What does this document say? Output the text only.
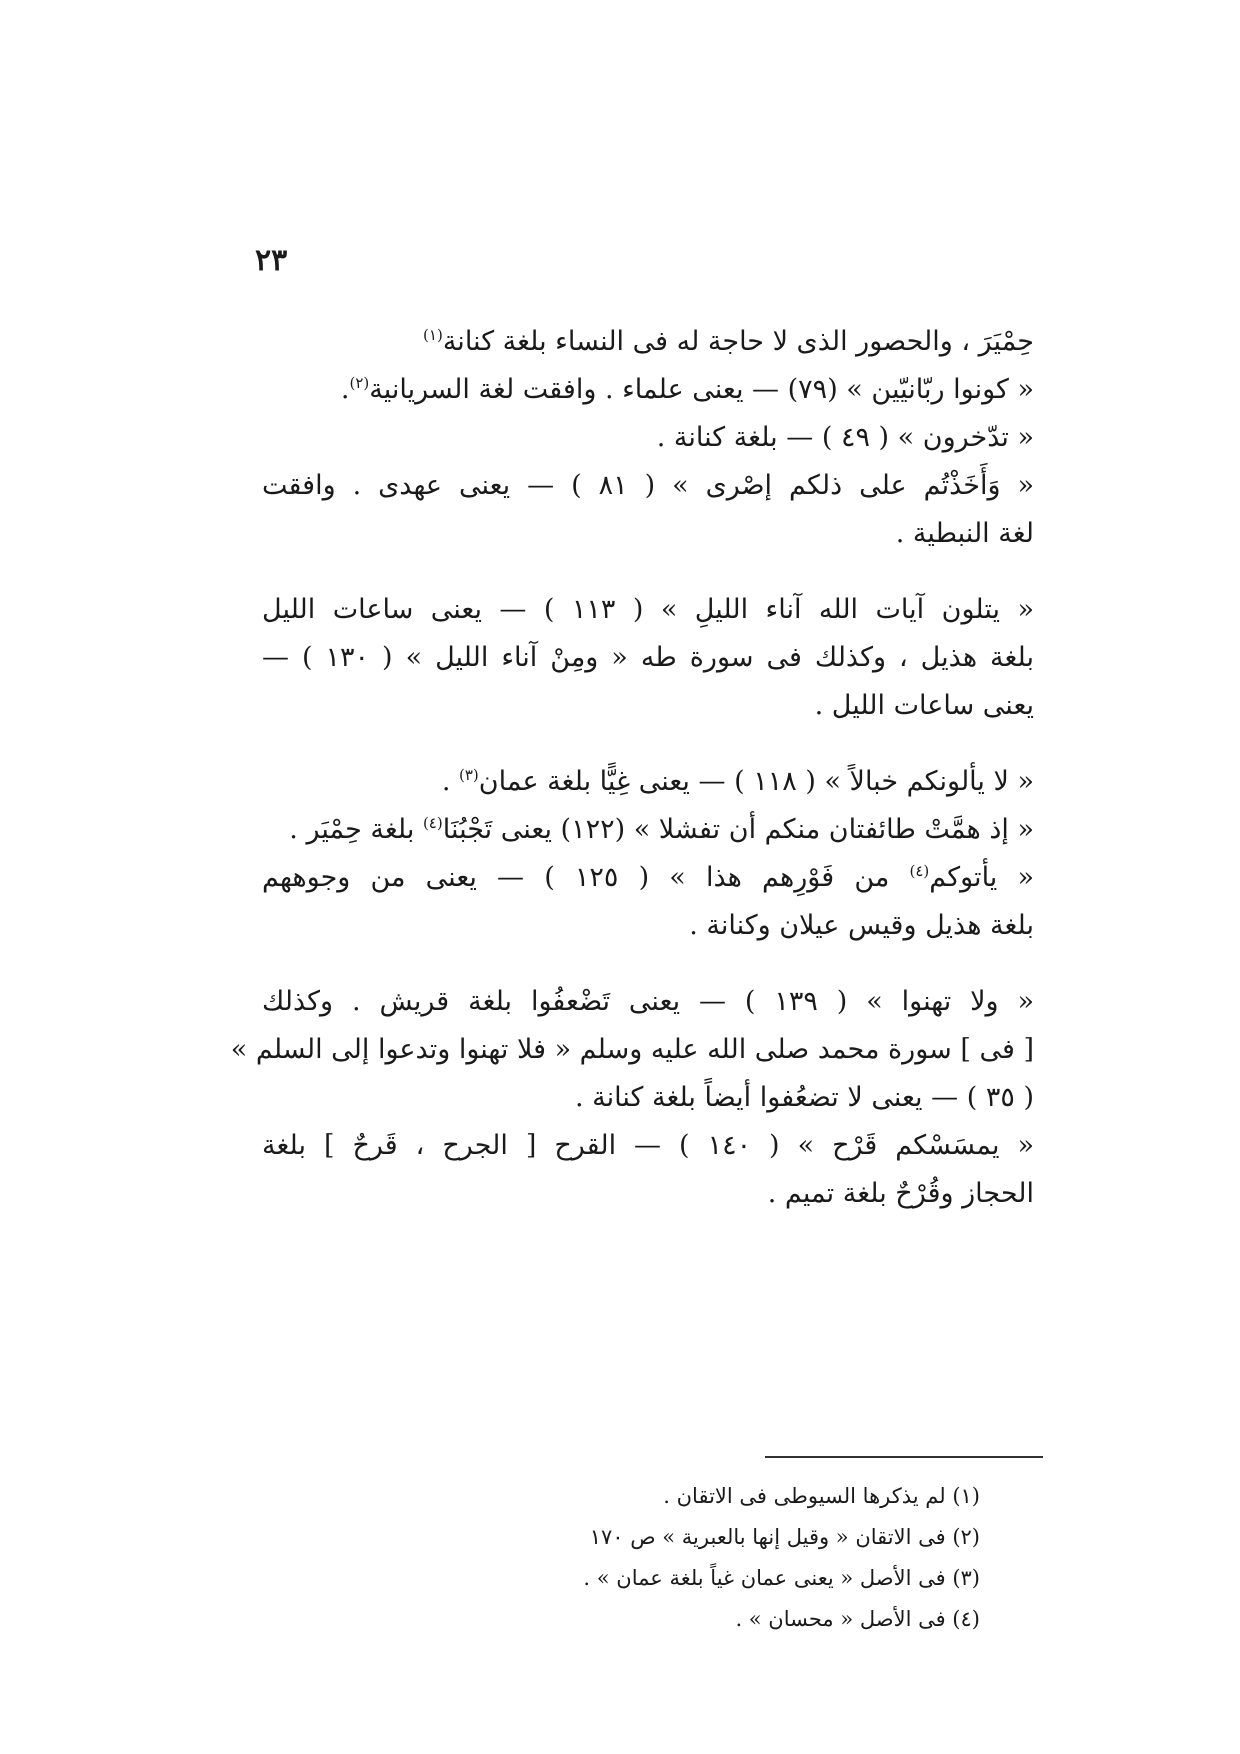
٢٣
حِمْيَرَ ، والحصور الذى لا حاجة له فى النساء بلغة كنانة$^{(١)}$
« كونوا ربّانيّين » (٧٩) — يعنى علماء . وافقت لغة السريانية$^{(٢)}$.
« تدّخرون » ( ٤٩ ) — بلغة كنانة .
« وَأَخَذْتُم على ذلكم إصْرى » ( ٨١ ) — يعنى عهدى . وافقت
لغة النبطية .
« يتلون آيات الله آناء الليلِ » ( ١١٣ ) — يعنى ساعات الليل
بلغة هذيل ، وكذلك فى سورة طه « ومِنْ آناء الليل » ( ١٣٠ ) —
يعنى ساعات الليل .
« لا يألونكم خبالاً » ( ١١٨ ) — يعنى غِيًّا بلغة عمان$^{(٣)}$ .
« إذ همَّتْ طائفتان منكم أن تفشلا » (١٢٢) يعنى تَجْبُنَا$^{(٤)}$ بلغة حِمْيَر .
« يأتوكم$^{(٤)}$ من فَوْرِهم هذا » ( ١٢٥ ) — يعنى من وجوههم
بلغة هذيل وقيس عيلان وكنانة .
« ولا تهنوا » ( ١٣٩ ) — يعنى تَضْعفُوا بلغة قريش . وكذلك
[ فى ] سورة محمد صلى الله عليه وسلم « فلا تهنوا وتدعوا إلى السلم »
( ٣٥ ) — يعنى لا تضعُفوا أيضاً بلغة كنانة .
« يمسَسْكم قَرْح » ( ١٤٠ ) — القرح [ الجرح ، قَرحٌ ] بلغة
الحجاز وقُرْحٌ بلغة تميم .
(١) لم يذكرها السيوطى فى الاتقان .
(٢) فى الاتقان « وقيل إنها بالعبرية » ص ١٧٠
(٣) فى الأصل « يعنى عمان غياً بلغة عمان » .
(٤) فى الأصل « محسان » .
